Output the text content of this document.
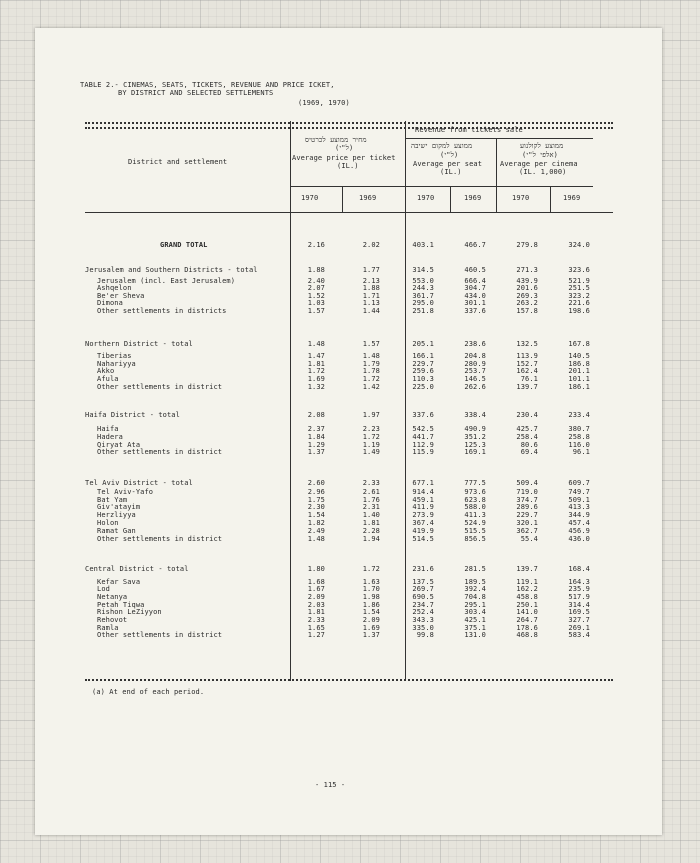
TABLE 2.- CINEMAS, SEATS, TICKETS, REVENUE AND PRICE ICKET,
BY DISTRICT AND SELECTED SETTLEMENTS
(1969, 1970)
District and settlement
מחיר ממוצע לכרטיס
(ל"י)
Average price per ticket
(IL.)
Revenue from tickets sale
ממוצע למקום ישיבה
(ל"י)
Average per seat
(IL.)
ממוצע לקולנוע
(אלפי ל"י)
Average per cinema
(IL. 1,000)
1970	1969	1970	1969	1970	1969
GRAND TOTAL	2.16	2.02	403.1	466.7	279.8	324.0
Jerusalem and Southern Districts - total	1.88	1.77	314.5	460.5	271.3	323.6
Jerusalem (incl. East Jerusalem)	2.40	2.13	553.0	666.4	439.9	521.9
Ashqelon	2.07	1.88	244.3	304.7	201.6	251.5
Be'er Sheva	1.52	1.71	361.7	434.0	269.3	323.2
Dimona	1.03	1.13	295.0	301.1	263.2	221.6
Other settlements in districts	1.57	1.44	251.8	337.6	157.8	198.6
Northern District - total	1.48	1.57	205.1	238.6	132.5	167.8
Tiberias	1.47	1.48	166.1	204.8	113.9	140.5
Nahariyya	1.81	1.79	229.7	280.9	152.7	186.8
Akko	1.72	1.78	259.6	253.7	162.4	201.1
Afula	1.69	1.72	110.3	146.5	76.1	101.1
Other settlements in district	1.32	1.42	225.0	262.6	139.7	186.1
Haifa District - total	2.08	1.97	337.6	338.4	230.4	233.4
Haifa	2.37	2.23	542.5	490.9	425.7	380.7
Hadera	1.84	1.72	441.7	351.2	258.4	258.8
Qiryat Ata	1.29	1.19	112.9	125.3	80.6	116.0
Other settlements in district	1.37	1.49	115.9	169.1	69.4	96.1
Tel Aviv District - total	2.60	2.33	677.1	777.5	509.4	609.7
Tel Aviv-Yafo	2.96	2.61	914.4	973.6	719.0	749.7
Bat Yam	1.75	1.76	459.1	623.8	374.7	509.1
Giv'atayim	2.30	2.31	411.9	588.0	289.6	413.3
Herzliyya	1.54	1.40	273.9	411.3	229.7	344.9
Holon	1.82	1.81	367.4	524.9	320.1	457.4
Ramat Gan	2.49	2.28	419.9	515.5	362.7	456.9
Other settlements in district	1.48	1.94	514.5	856.5	55.4	436.0
Central District - total	1.80	1.72	231.6	281.5	139.7	168.4
Kefar Sava	1.68	1.63	137.5	189.5	119.1	164.3
Lod	1.67	1.70	269.7	392.4	162.2	235.9
Netanya	2.09	1.98	690.5	704.8	458.8	517.9
Petah Tiqwa	2.03	1.86	234.7	295.1	250.1	314.4
Rishon LeZiyyon	1.81	1.54	252.4	303.4	141.0	169.5
Rehovot	2.33	2.09	343.3	425.1	264.7	327.7
Ramla	1.65	1.69	335.0	375.1	178.6	269.1
Other settlements in district	1.27	1.37	99.8	131.0	468.8	583.4
(a) At end of each period.
- 115 -
